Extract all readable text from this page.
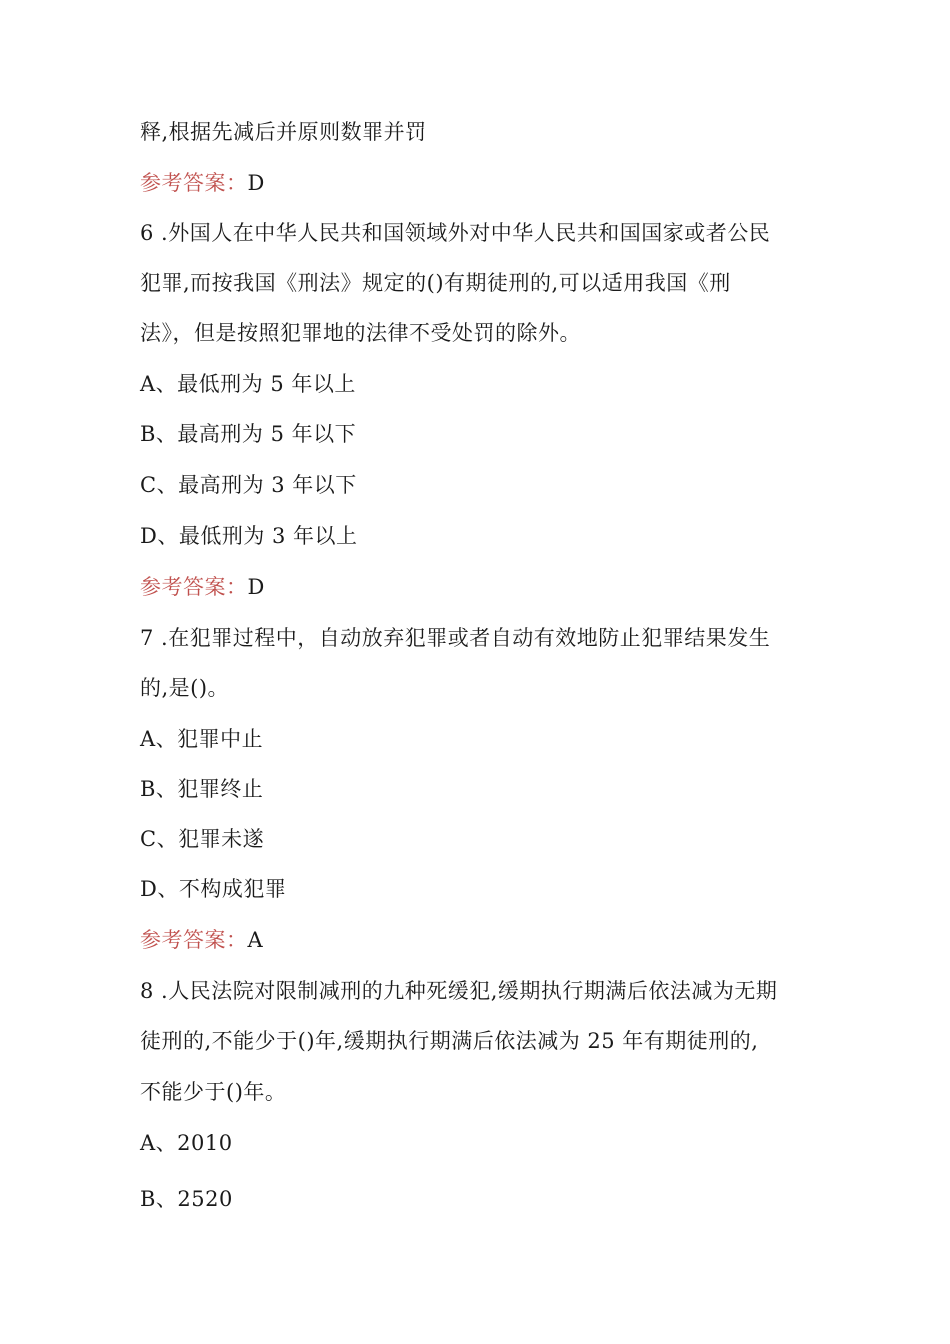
释,根据先减后并原则数罪并罚
参考答案：D
6 .外国人在中华人民共和国领域外对中华人民共和国国家或者公民
犯罪,而按我国《刑法》规定的()有期徒刑的,可以适用我国《刑
法》，但是按照犯罪地的法律不受处罚的除外。
A、最低刑为 5 年以上
B、最高刑为 5 年以下
C、最高刑为 3 年以下
D、最低刑为 3 年以上
参考答案：D
7 .在犯罪过程中，自动放弃犯罪或者自动有效地防止犯罪结果发生
的,是()。
A、犯罪中止
B、犯罪终止
C、犯罪未遂
D、不构成犯罪
参考答案：A
8 .人民法院对限制减刑的九种死缓犯,缓期执行期满后依法减为无期
徒刑的,不能少于()年,缓期执行期满后依法减为 25 年有期徒刑的,
不能少于()年。
A、2010
B、2520
